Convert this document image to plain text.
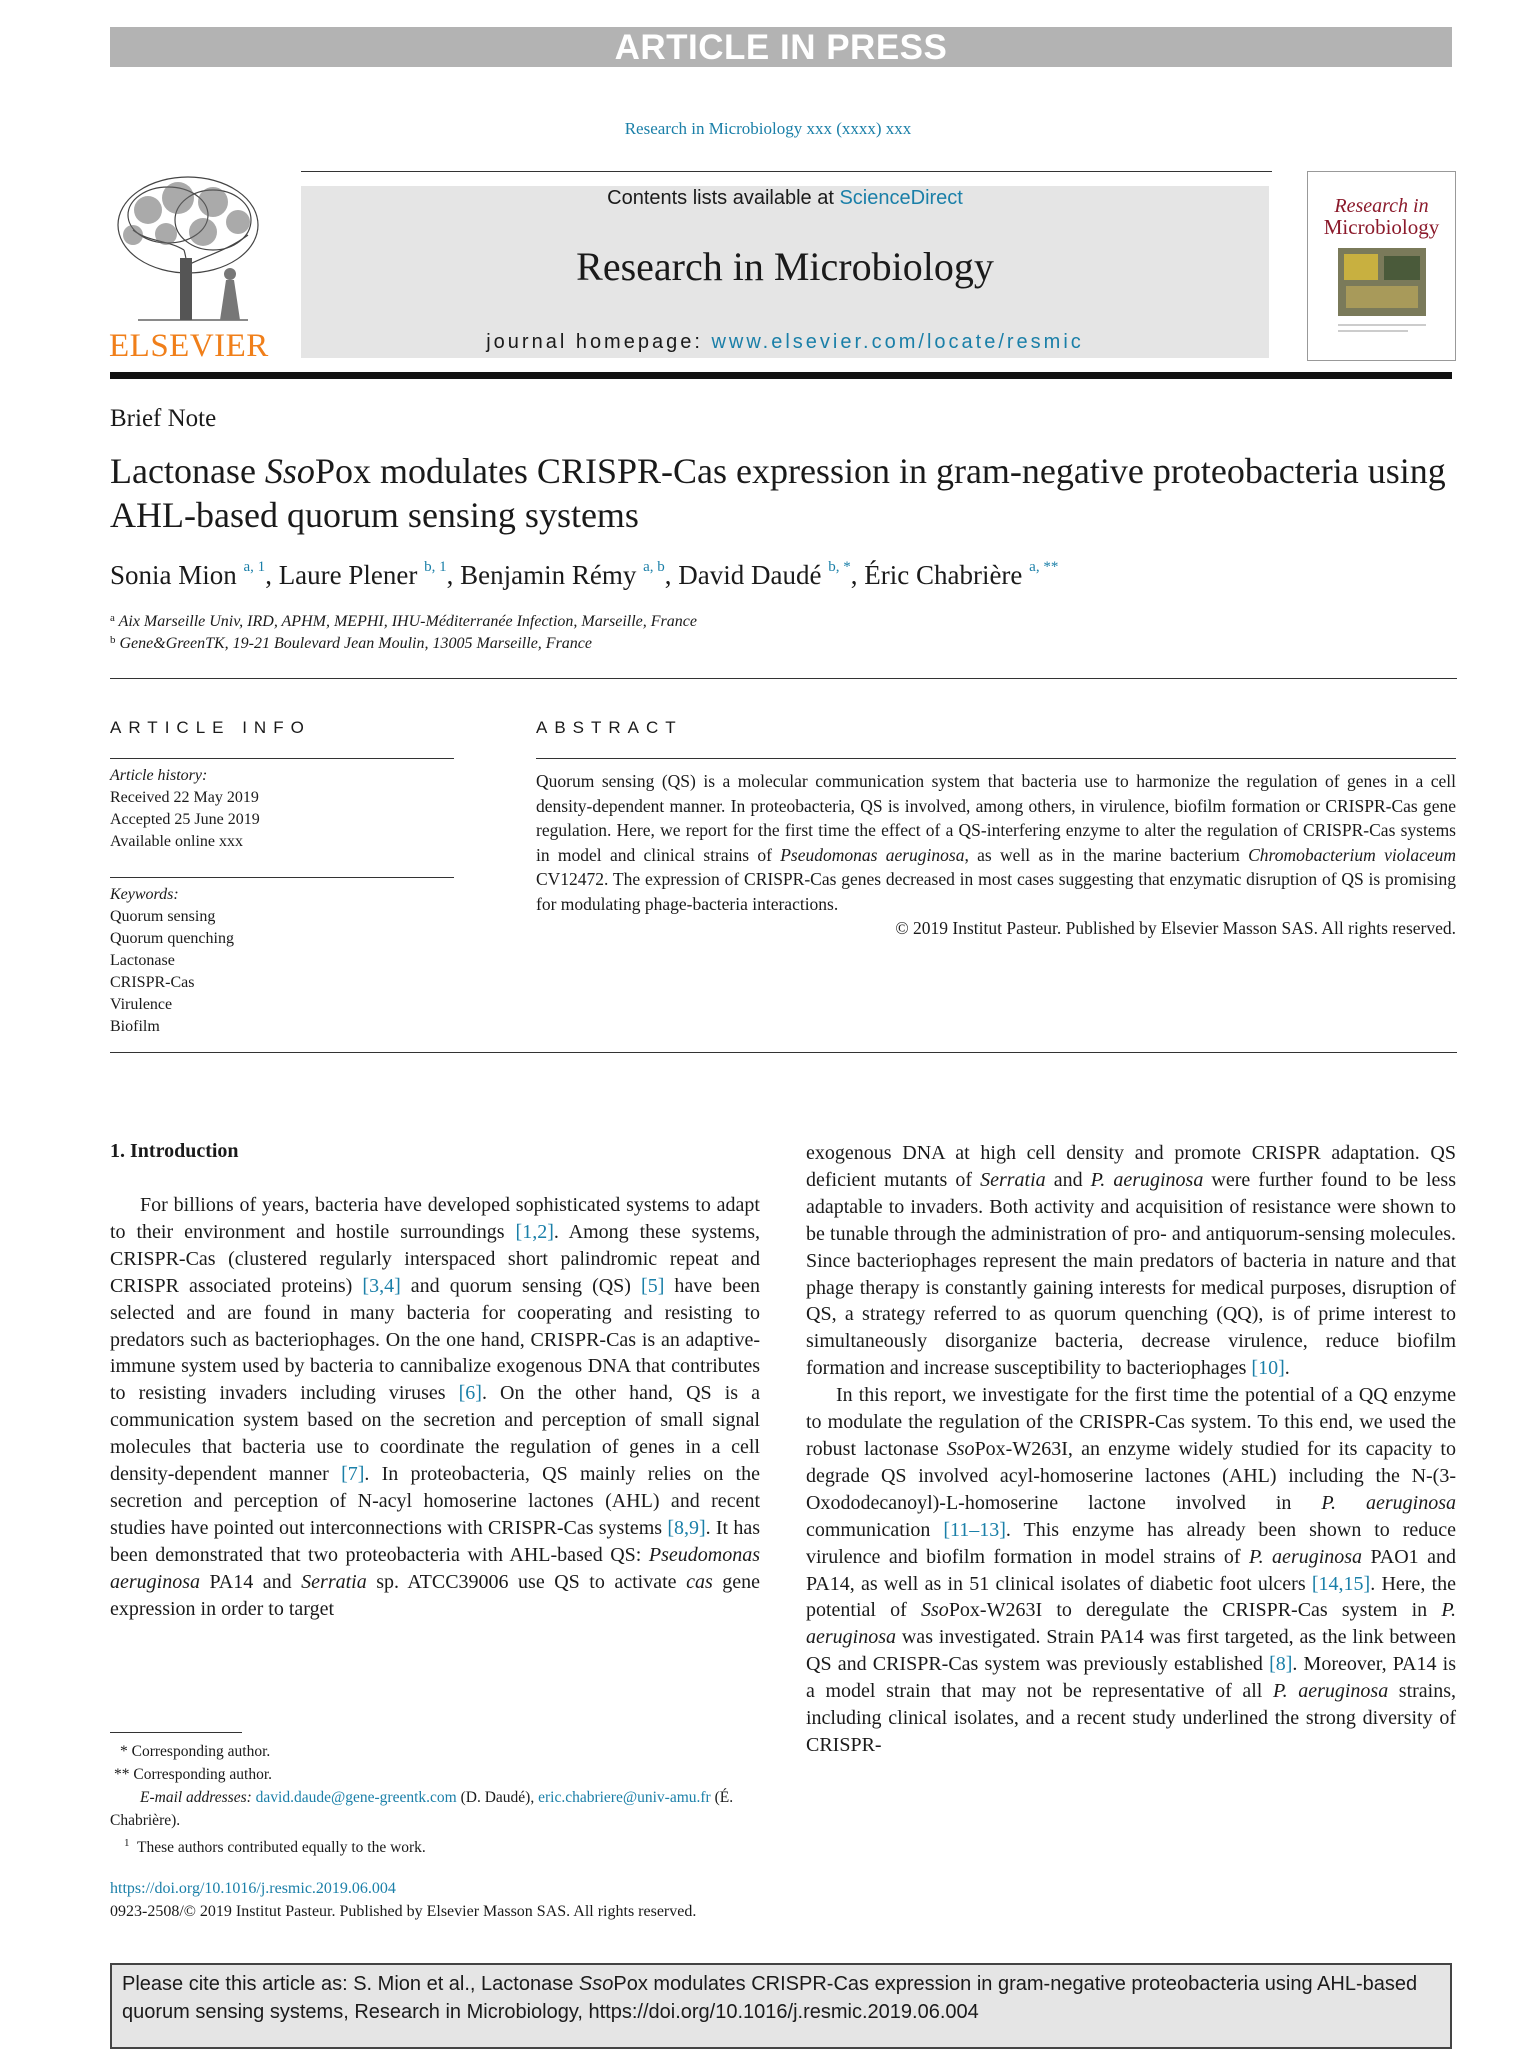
ARTICLE IN PRESS
Research in Microbiology xxx (xxxx) xxx
ELSEVIER
Contents lists available at ScienceDirect
Research in Microbiology
journal homepage: www.elsevier.com/locate/resmic
Research in
Microbiology
Brief Note
Lactonase SsoPox modulates CRISPR-Cas expression in gram-negative proteobacteria using AHL-based quorum sensing systems
Sonia Mion $^{a, 1}$, Laure Plener $^{b, 1}$, Benjamin Rémy $^{a, b}$, David Daudé $^{b, *}$, Éric Chabrière $^{a, **}$
$^a$ Aix Marseille Univ, IRD, APHM, MEPHI, IHU-Méditerranée Infection, Marseille, France
$^b$ Gene&GreenTK, 19-21 Boulevard Jean Moulin, 13005 Marseille, France
ARTICLE INFO
Article history:
Received 22 May 2019
Accepted 25 June 2019
Available online xxx
Keywords:
Quorum sensing
Quorum quenching
Lactonase
CRISPR-Cas
Virulence
Biofilm
ABSTRACT
Quorum sensing (QS) is a molecular communication system that bacteria use to harmonize the regulation of genes in a cell density-dependent manner. In proteobacteria, QS is involved, among others, in virulence, biofilm formation or CRISPR-Cas gene regulation. Here, we report for the first time the effect of a QS-interfering enzyme to alter the regulation of CRISPR-Cas systems in model and clinical strains of Pseudomonas aeruginosa, as well as in the marine bacterium Chromobacterium violaceum CV12472. The expression of CRISPR-Cas genes decreased in most cases suggesting that enzymatic disruption of QS is promising for modulating phage-bacteria interactions.
© 2019 Institut Pasteur. Published by Elsevier Masson SAS. All rights reserved.
1. Introduction

For billions of years, bacteria have developed sophisticated systems to adapt to their environment and hostile surroundings [1,2]. Among these systems, CRISPR-Cas (clustered regularly interspaced short palindromic repeat and CRISPR associated proteins) [3,4] and quorum sensing (QS) [5] have been selected and are found in many bacteria for cooperating and resisting to predators such as bacteriophages. On the one hand, CRISPR-Cas is an adaptive-immune system used by bacteria to cannibalize exogenous DNA that contributes to resisting invaders including viruses [6]. On the other hand, QS is a communication system based on the secretion and perception of small signal molecules that bacteria use to coordinate the regulation of genes in a cell density-dependent manner [7]. In proteobacteria, QS mainly relies on the secretion and perception of N-acyl homoserine lactones (AHL) and recent studies have pointed out interconnections with CRISPR-Cas systems [8,9]. It has been demonstrated that two proteobacteria with AHL-based QS: Pseudomonas aeruginosa PA14 and Serratia sp. ATCC39006 use QS to activate cas gene expression in order to target

exogenous DNA at high cell density and promote CRISPR adaptation. QS deficient mutants of Serratia and P. aeruginosa were further found to be less adaptable to invaders. Both activity and acquisition of resistance were shown to be tunable through the administration of pro- and antiquorum-sensing molecules. Since bacteriophages represent the main predators of bacteria in nature and that phage therapy is constantly gaining interests for medical purposes, disruption of QS, a strategy referred to as quorum quenching (QQ), is of prime interest to simultaneously disorganize bacteria, decrease virulence, reduce biofilm formation and increase susceptibility to bacteriophages [10].

In this report, we investigate for the first time the potential of a QQ enzyme to modulate the regulation of the CRISPR-Cas system. To this end, we used the robust lactonase SsoPox-W263I, an enzyme widely studied for its capacity to degrade QS involved acyl-homoserine lactones (AHL) including the N-(3-Oxododecanoyl)-L-homoserine lactone involved in P. aeruginosa communication [11–13]. This enzyme has already been shown to reduce virulence and biofilm formation in model strains of P. aeruginosa PAO1 and PA14, as well as in 51 clinical isolates of diabetic foot ulcers [14,15]. Here, the potential of SsoPox-W263I to deregulate the CRISPR-Cas system in P. aeruginosa was investigated. Strain PA14 was first targeted, as the link between QS and CRISPR-Cas system was previously established [8]. Moreover, PA14 is a model strain that may not be representative of all P. aeruginosa strains, including clinical isolates, and a recent study underlined the strong diversity of CRISPR-

* Corresponding author.
** Corresponding author.
E-mail addresses: david.daude@gene-greentk.com (D. Daudé), eric.chabriere@univ-amu.fr (É. Chabrière).
$^1$ These authors contributed equally to the work.
https://doi.org/10.1016/j.resmic.2019.06.004
0923-2508/© 2019 Institut Pasteur. Published by Elsevier Masson SAS. All rights reserved.
Please cite this article as: S. Mion et al., Lactonase SsoPox modulates CRISPR-Cas expression in gram-negative proteobacteria using AHL-based quorum sensing systems, Research in Microbiology, https://doi.org/10.1016/j.resmic.2019.06.004
